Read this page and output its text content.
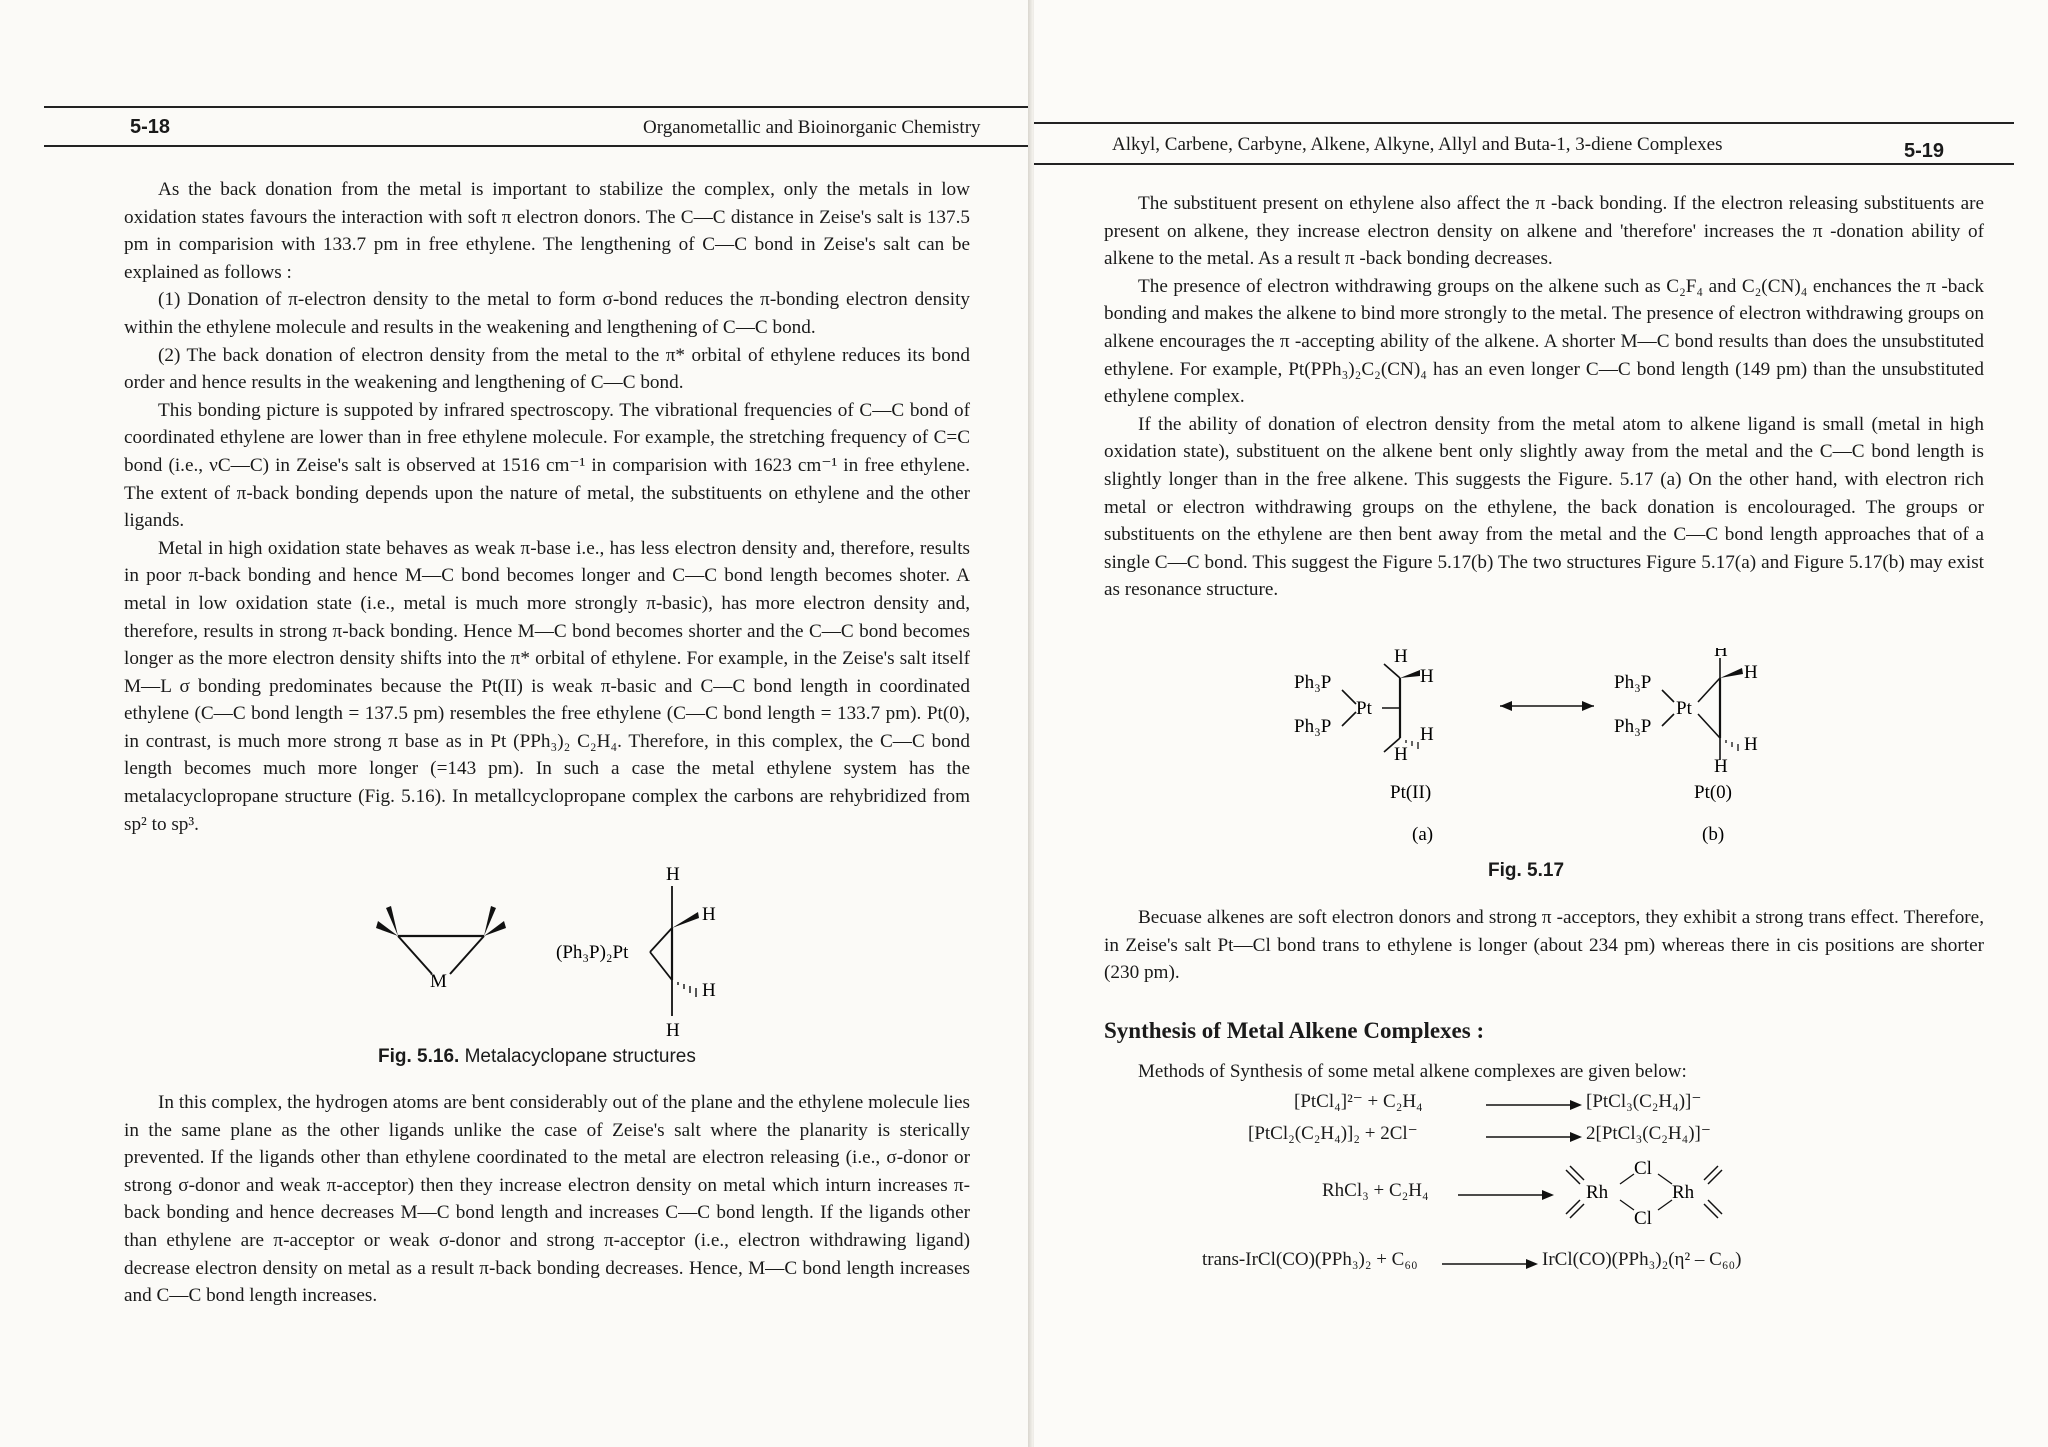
5-18	Organometallic and Bioinorganic Chemistry

As the back donation from the metal is important to stabilize the complex, only the metals in low oxidation states favours the interaction with soft π electron donors. The C—C distance in Zeise's salt is 137.5 pm in comparision with 133.7 pm in free ethylene. The lengthening of C—C bond in Zeise's salt can be explained as follows :

(1) Donation of π-electron density to the metal to form σ-bond reduces the π-bonding electron density within the ethylene molecule and results in the weakening and lengthening of C—C bond.

(2) The back donation of electron density from the metal to the π* orbital of ethylene reduces its bond order and hence results in the weakening and lengthening of C—C bond.

This bonding picture is suppoted by infrared spectroscopy. The vibrational frequencies of C—C bond of coordinated ethylene are lower than in free ethylene molecule. For example, the stretching frequency of C=C bond (i.e., νC—C) in Zeise's salt is observed at 1516 cm⁻¹ in comparision with 1623 cm⁻¹ in free ethylene. The extent of π-back bonding depends upon the nature of metal, the substituents on ethylene and the other ligands.

Metal in high oxidation state behaves as weak π-base i.e., has less electron density and, therefore, results in poor π-back bonding and hence M—C bond becomes longer and C—C bond length becomes shoter. A metal in low oxidation state (i.e., metal is much more strongly π-basic), has more electron density and, therefore, results in strong π-back bonding. Hence M—C bond becomes shorter and the C—C bond becomes longer as the more electron density shifts into the π* orbital of ethylene. For example, in the Zeise's salt itself M—L σ bonding predominates because the Pt(II) is weak π-basic and C—C bond length in coordinated ethylene (C—C bond length = 137.5 pm) resembles the free ethylene (C—C bond length = 133.7 pm). Pt(0), in contrast, is much more strong π base as in Pt (PPh₃)₂ C₂H₄. Therefore, in this complex, the C—C bond length becomes much more longer (=143 pm). In such a case the metal ethylene system has the metalacyclopropane structure (Fig. 5.16). In metallcyclopropane complex the carbons are rehybridized from sp² to sp³.

M
(Ph₃P)₂Pt
H
H
H
H
Fig. 5.16. Metalacyclopane structures

In this complex, the hydrogen atoms are bent considerably out of the plane and the ethylene molecule lies in the same plane as the other ligands unlike the case of Zeise's salt where the planarity is sterically prevented. If the ligands other than ethylene coordinated to the metal are electron releasing (i.e., σ-donor or strong σ-donor and weak π-acceptor) then they increase electron density on metal which inturn increases π-back bonding and hence decreases M—C bond length and increases C—C bond length. If the ligands other than ethylene are π-acceptor or weak σ-donor and strong π-acceptor (i.e., electron withdrawing ligand) decrease electron density on metal as a result π-back bonding decreases. Hence, M—C bond length increases and C—C bond length increases.

Alkyl, Carbene, Carbyne, Alkene, Alkyne, Allyl and Buta-1, 3-diene Complexes	5-19

The substituent present on ethylene also affect the π -back bonding. If the electron releasing substituents are present on alkene, they increase electron density on alkene and 'therefore' increases the π -donation ability of alkene to the metal. As a result π -back bonding decreases.

The presence of electron withdrawing groups on the alkene such as C₂F₄ and C₂(CN)₄ enchances the π -back bonding and makes the alkene to bind more strongly to the metal. The presence of electron withdrawing groups on alkene encourages the π -accepting ability of the alkene. A shorter M—C bond results than does the unsubstituted ethylene. For example, Pt(PPh₃)₂C₂(CN)₄ has an even longer C—C bond length (149 pm) than the unsubstituted ethylene complex.

If the ability of donation of electron density from the metal atom to alkene ligand is small (metal in high oxidation state), substituent on the alkene bent only slightly away from the metal and the C—C bond length is slightly longer than in the free alkene. This suggests the Figure. 5.17 (a) On the other hand, with electron rich metal or electron withdrawing groups on the ethylene, the back donation is encolouraged. The groups or substituents on the ethylene are then bent away from the metal and the C—C bond length approaches that of a single C—C bond. This suggest the Figure 5.17(b) The two structures Figure 5.17(a) and Figure 5.17(b) may exist as resonance structure.

Ph₃P
Ph₃P
Pt
H
H
H
H
Ph₃P
Ph₃P
Pt
H
H
H
H
Pt(II)	Pt(0)
(a)	(b)
Fig. 5.17

Becuase alkenes are soft electron donors and strong π -acceptors, they exhibit a strong trans effect. Therefore, in Zeise's salt Pt—Cl bond trans to ethylene is longer (about 234 pm) whereas there in cis positions are shorter (230 pm).

Synthesis of Metal Alkene Complexes :
Methods of Synthesis of some metal alkene complexes are given below:
[PtCl₄]²⁻ + C₂H₄	[PtCl₃(C₂H₄)]⁻
[PtCl₂(C₂H₄)]₂ + 2Cl⁻	2[PtCl₃(C₂H₄)]⁻
RhCl₃ + C₂H₄	Rh
Cl
Cl
Rh
trans-IrCl(CO)(PPh₃)₂ + C₆₀	IrCl(CO)(PPh₃)₂(η² – C₆₀)
